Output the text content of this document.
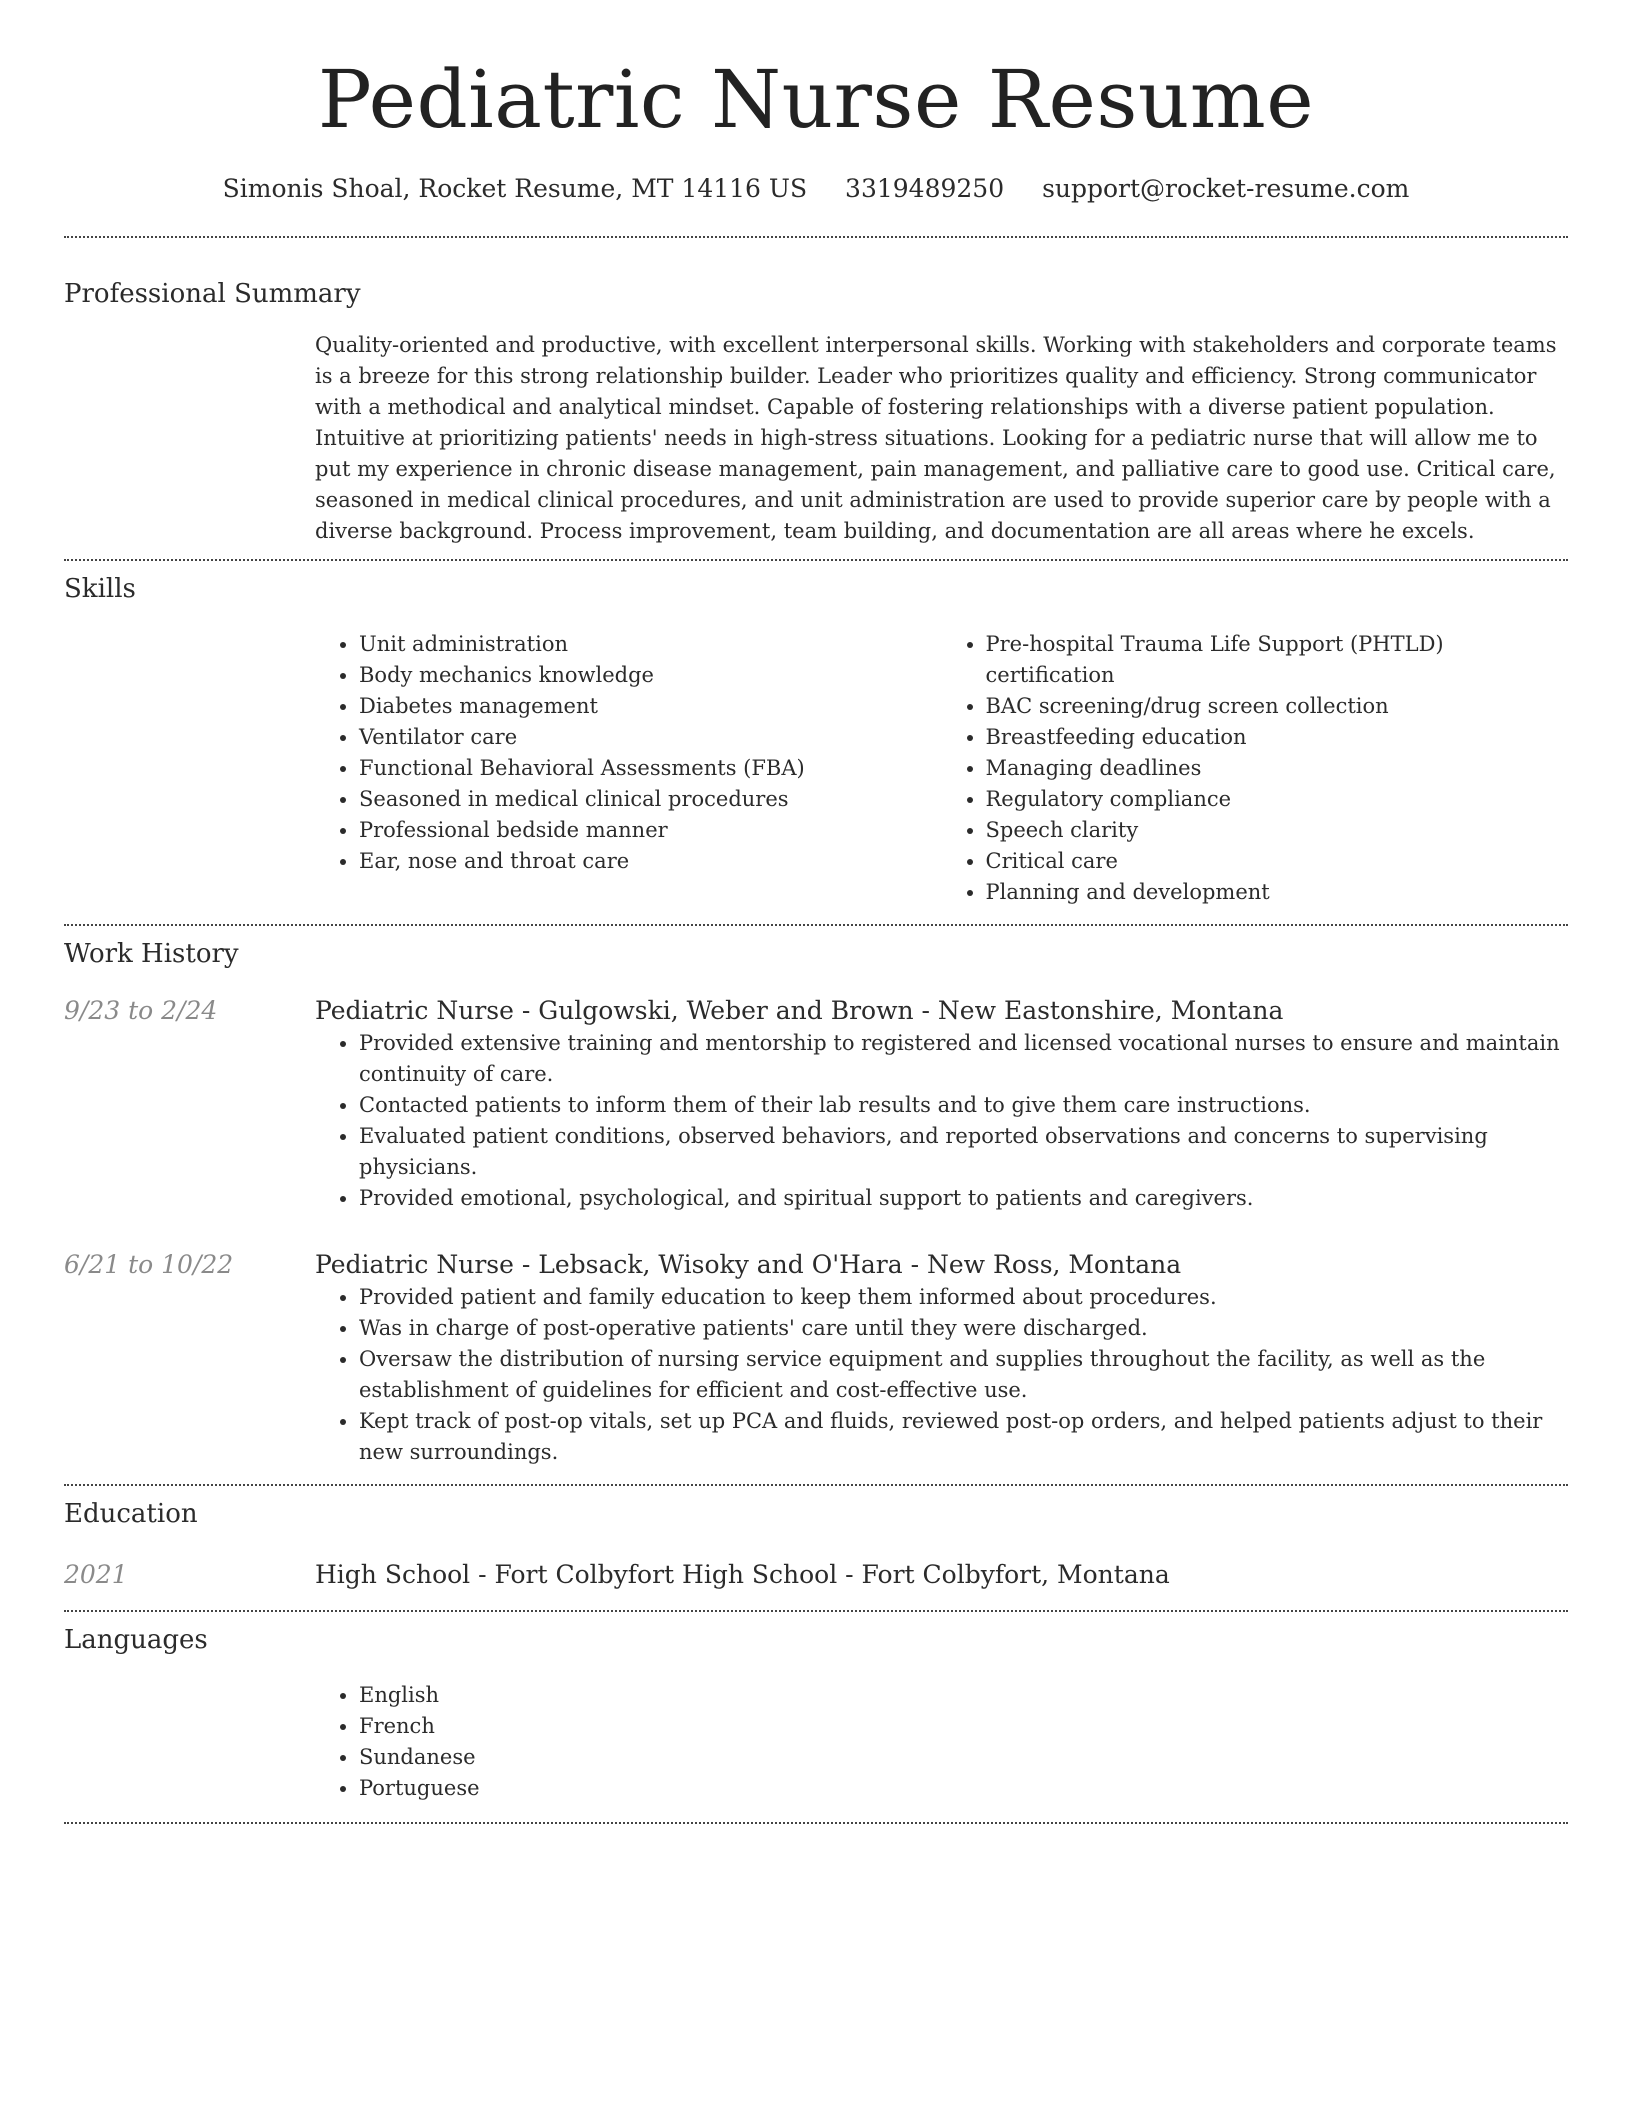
Pediatric Nurse Resume
Simonis Shoal, Rocket Resume, MT 14116 US 3319489250 support@rocket-resume.com
Professional Summary

Quality-oriented and productive, with excellent interpersonal skills. Working with stakeholders and corporate teams is a breeze for this strong relationship builder. Leader who prioritizes quality and efficiency. Strong communicator with a methodical and analytical mindset. Capable of fostering relationships with a diverse patient population. Intuitive at prioritizing patients' needs in high-stress situations. Looking for a pediatric nurse that will allow me to put my experience in chronic disease management, pain management, and palliative care to good use. Critical care, seasoned in medical clinical procedures, and unit administration are used to provide superior care by people with a diverse background. Process improvement, team building, and documentation are all areas where he excels.

Skills
• Unit administration
• Body mechanics knowledge
• Diabetes management
• Ventilator care
• Functional Behavioral Assessments (FBA)
• Seasoned in medical clinical procedures
• Professional bedside manner
• Ear, nose and throat care
• Pre-hospital Trauma Life Support (PHTLD) certification
• BAC screening/drug screen collection
• Breastfeeding education
• Managing deadlines
• Regulatory compliance
• Speech clarity
• Critical care
• Planning and development
Work History
9/23 to 2/24	Pediatric Nurse - Gulgowski, Weber and Brown - New Eastonshire, Montana
• Provided extensive training and mentorship to registered and licensed vocational nurses to ensure and maintain continuity of care.
• Contacted patients to inform them of their lab results and to give them care instructions.
• Evaluated patient conditions, observed behaviors, and reported observations and concerns to supervising physicians.
• Provided emotional, psychological, and spiritual support to patients and caregivers.
6/21 to 10/22	Pediatric Nurse - Lebsack, Wisoky and O'Hara - New Ross, Montana
• Provided patient and family education to keep them informed about procedures.
• Was in charge of post-operative patients' care until they were discharged.
• Oversaw the distribution of nursing service equipment and supplies throughout the facility, as well as the establishment of guidelines for efficient and cost-effective use.
• Kept track of post-op vitals, set up PCA and fluids, reviewed post-op orders, and helped patients adjust to their new surroundings.
Education
2021	High School - Fort Colbyfort High School - Fort Colbyfort, Montana
Languages
• English
• French
• Sundanese
• Portuguese
